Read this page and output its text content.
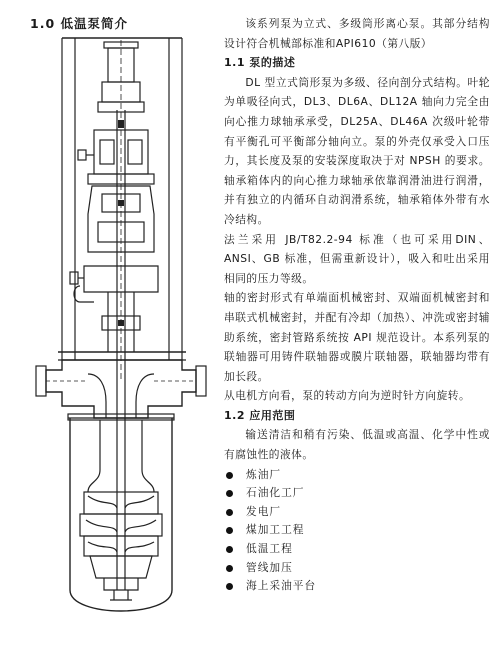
1.0 低温泵简介	该系列泵为立式、多级筒形离心泵。其部分结构设计符合机械部标准和API610（第八版）

1.1 泵的描述

DL 型立式筒形泵为多级、径向剖分式结构。叶轮为单吸径向式，DL3、DL6A、DL12A 轴向力完全由向心推力球轴承承受，DL25A、DL46A 次级叶轮带有平衡孔可平衡部分轴向立。泵的外壳仅承受入口压力，其长度及泵的安装深度取决于对 NPSH 的要求。轴承箱体内的向心推力球轴承依靠润滑油进行润滑，并有独立的内循环自动润滑系统，轴承箱体外带有水冷结构。

法兰采用 JB/T82.2-94 标准（也可采用DIN、ANSI、GB 标准，但需重新设计），吸入和吐出采用相同的压力等级。

轴的密封形式有单端面机械密封、双端面机械密封和串联式机械密封，并配有冷却（加热）、冲洗或密封辅助系统，密封管路系统按 API 规范设计。本系列泵的联轴器可用铸件联轴器或膜片联轴器，联轴器均带有加长段。

从电机方向看，泵的转动方向为逆时针方向旋转。

1.2 应用范围

输送清洁和稍有污染、低温或高温、化学中性或有腐蚀性的液体。

炼油厂
石油化工厂
发电厂
煤加工工程
低温工程
管线加压
海上采油平台
